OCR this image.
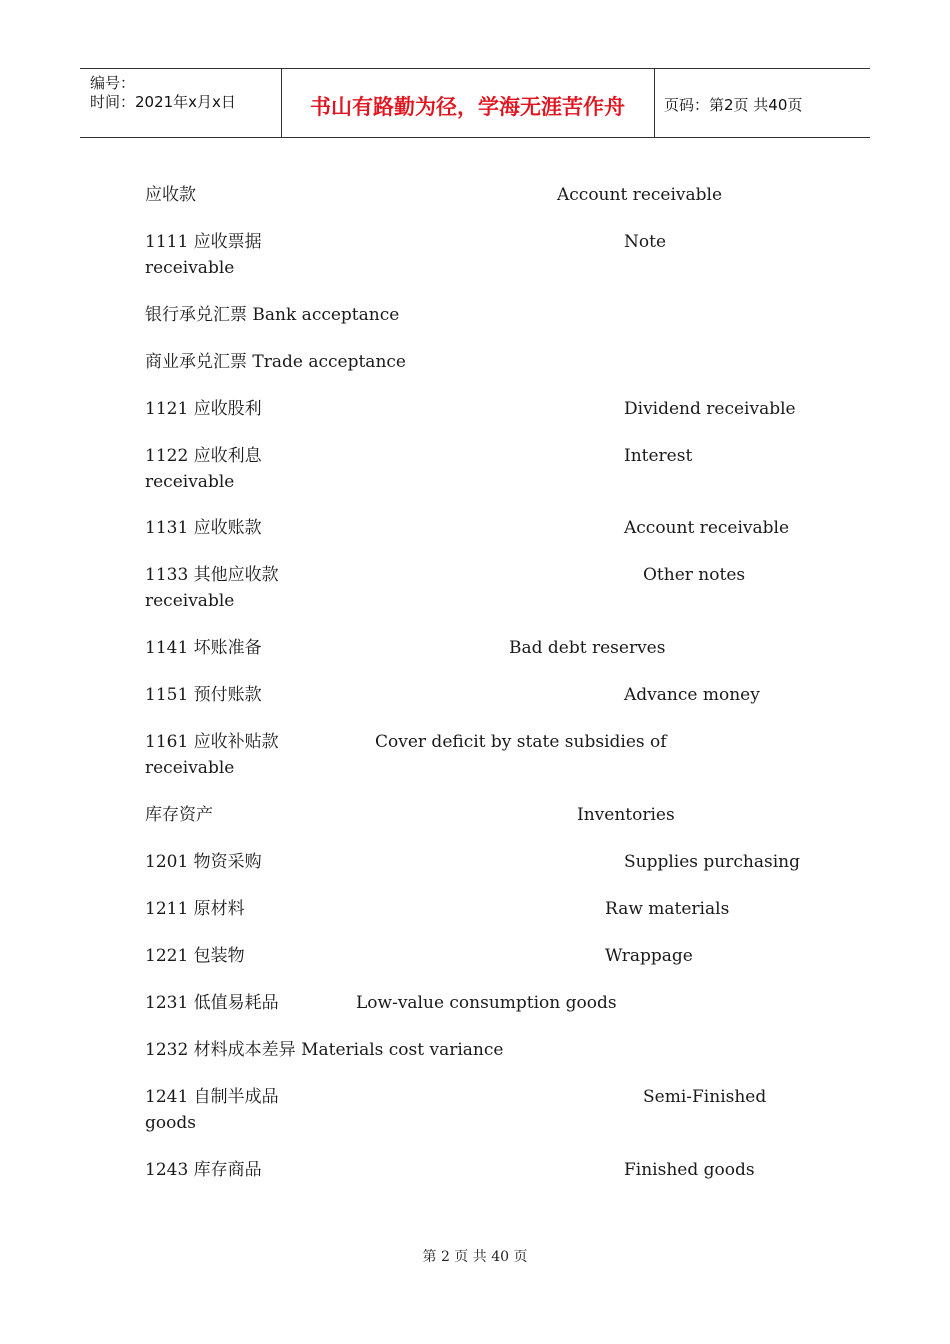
编号：
时间：2021年x月x日	书山有路勤为径，学海无涯苦作舟	页码：第2页 共40页
应收款	Account receivable
1111 应收票据	Note
receivable
银行承兑汇票 Bank acceptance
商业承兑汇票 Trade acceptance
1121 应收股利	Dividend receivable
1122 应收利息	Interest
receivable
1131 应收账款	Account receivable
1133 其他应收款	Other notes
receivable
1141 坏账准备	Bad debt reserves
1151 预付账款	Advance money
1161 应收补贴款	Cover deficit by state subsidies of
receivable
库存资产	Inventories
1201 物资采购	Supplies purchasing
1211 原材料	Raw materials
1221 包装物	Wrappage
1231 低值易耗品	Low-value consumption goods
1232 材料成本差异 Materials cost variance
1241 自制半成品	Semi-Finished
goods
1243 库存商品	Finished goods
第 2 页 共 40 页
